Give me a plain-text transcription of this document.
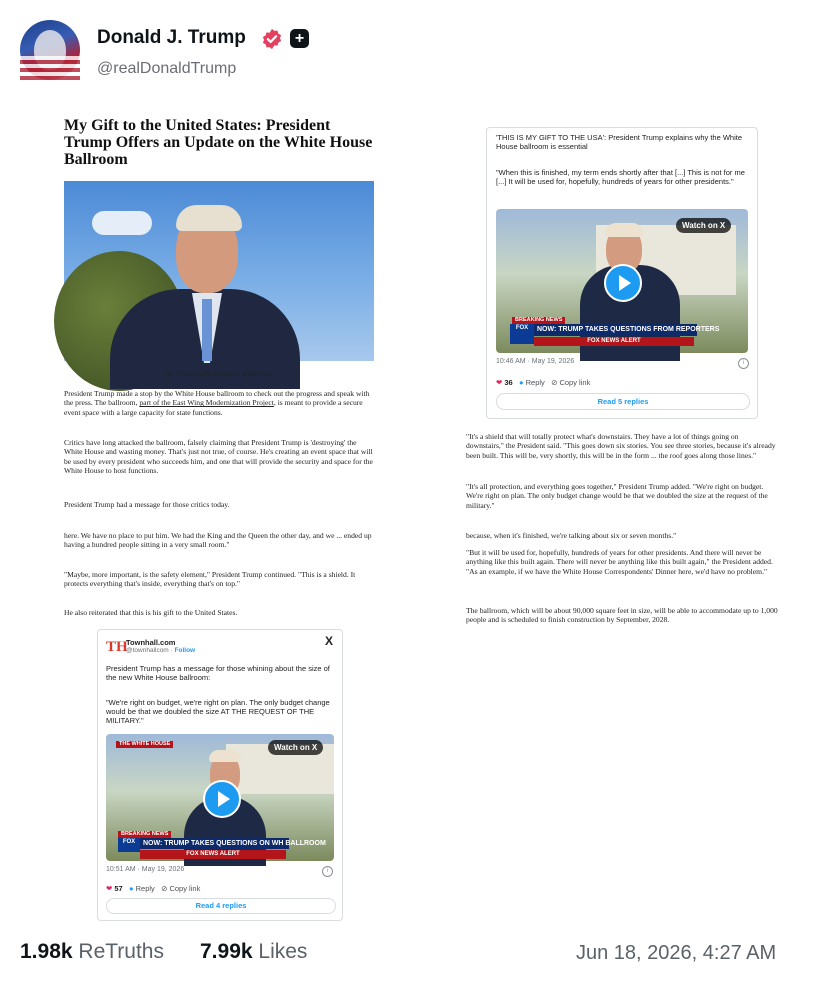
Donald J. Trump	+
@realDonaldTrump
My Gift to the United States: President
Trump Offers an Update on the White House Ballroom
AP Photo/Julia Demaree Nikhinson
President Trump made a stop by the White House ballroom to check out the progress and speak with the press. The ballroom, part of the East Wing Modernization Project, is meant to provide a secure event space with a large capacity for state functions.
Critics have long attacked the ballroom, falsely claiming that President Trump is 'destroying' the White House and wasting money. That's just not true, of course. He's creating an event space that will be used by every president who succeeds him, and one that will provide the security and space for the White House to host functions.
President Trump had a message for those critics today.
here. We have no place to put him. We had the King and the Queen the other day, and we ... ended up having a hundred people sitting in a very small room."
"Maybe, more important, is the safety element," President Trump continued. "This is a shield. It protects everything that's inside, everything that's on top."
He also reiterated that this is his gift to the United States.
TH
Townhall.com
@townhallcom · Follow
X
President Trump has a message for those whining about the size of the new White House ballroom:
"We're right on budget, we're right on plan. The only budget change would be that we doubled the size AT THE REQUEST OF THE MILITARY."
THE WHITE HOUSE	Watch on X
BREAKING NEWS
FOX	NOW: TRUMP TAKES QUESTIONS ON WH BALLROOM
FOX NEWS ALERT
10:51 AM · May 19, 2026	i
❤ 57 ● Reply ⊘ Copy link
Read 4 replies
'THIS IS MY GIFT TO THE USA': President Trump explains why the White House ballroom is essential
"When this is finished, my term ends shortly after that [...] This is not for me [...] It will be used for, hopefully, hundreds of years for other presidents."
Watch on X
BREAKING NEWS
FOX	NOW: TRUMP TAKES QUESTIONS FROM REPORTERS
FOX NEWS ALERT
10:46 AM · May 19, 2026	i
❤ 36 ● Reply ⊘ Copy link
Read 5 replies
"It's a shield that will totally protect what's downstairs. They have a lot of things going on downstairs," the President said. "This goes down six stories. You see three stories, because it's already been built. This will be, very shortly, this will be in the form ... the roof goes along those lines."
"It's all protection, and everything goes together," President Trump added. "We're right on budget. We're right on plan. The only budget change would be that we doubled the size at the request of the military."
because, when it's finished, we're talking about six or seven months."
"But it will be used for, hopefully, hundreds of years for other presidents. And there will never be anything like this built again. There will never be anything like this built again," the President added. "As an example, if we have the White House Correspondents' Dinner here, we'd have no problem."
The ballroom, which will be about 90,000 square feet in size, will be able to accommodate up to 1,000 people and is scheduled to finish construction by September, 2028.
1.98k ReTruths 7.99k Likes	Jun 18, 2026, 4:27 AM
